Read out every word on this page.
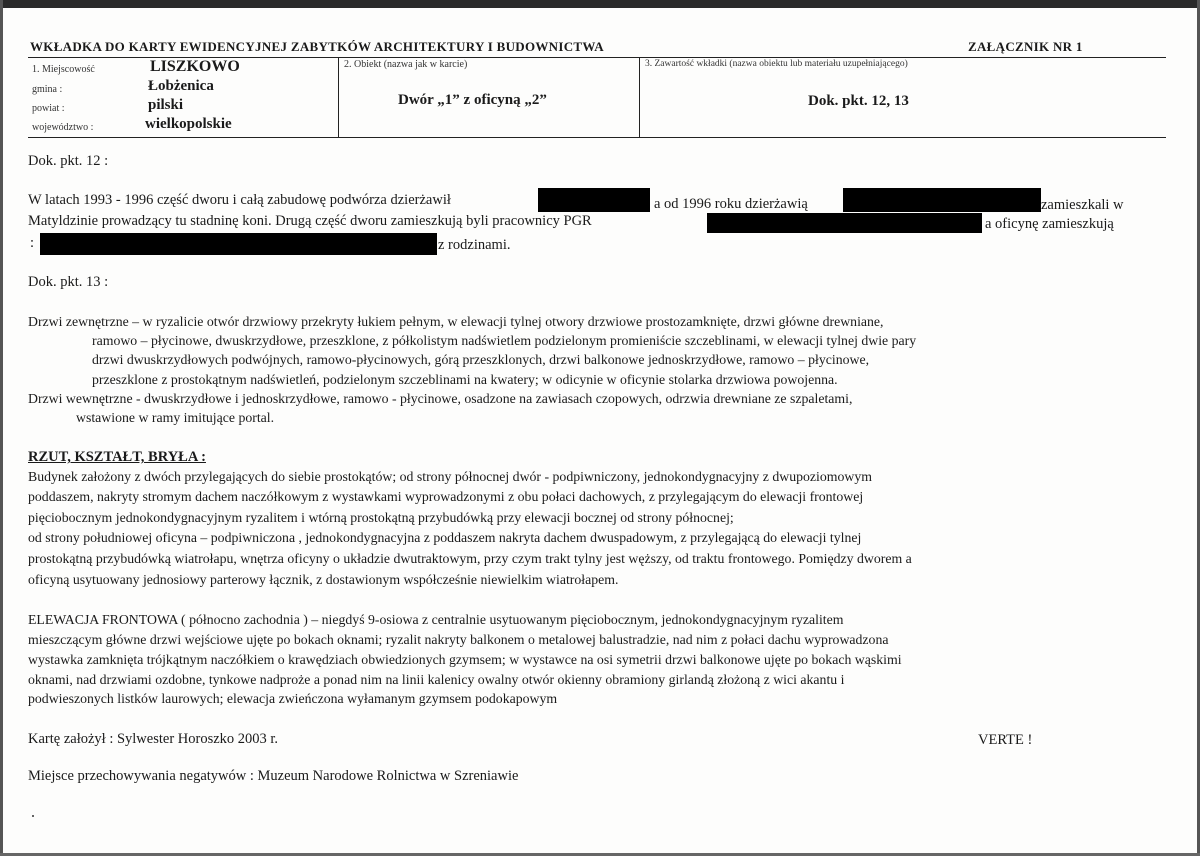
WKŁADKA DO KARTY EWIDENCYJNEJ ZABYTKÓW ARCHITEKTURY I BUDOWNICTWA	ZAŁĄCZNIK NR 1
1. Miejscowość	LISZKOWO
gmina :	Łobżenica
powiat :	pilski
województwo :	wielkopolskie
2. Obiekt (nazwa jak w karcie)
Dwór „1” z oficyną „2”
3. Zawartość wkładki (nazwa obiektu lub materiału uzupełniającego)
Dok. pkt. 12, 13
Dok. pkt. 12 :
W latach 1993 - 1996 część dworu i całą zabudowę podwórza dzierżawił	a od 1996 roku dzierżawią	zamieszkali w
Matyldzinie prowadzący tu stadninę koni. Drugą część dworu zamieszkują byli pracownicy PGR	a oficynę zamieszkują
:	z rodzinami.
Dok. pkt. 13 :
Drzwi zewnętrzne – w ryzalicie otwór drzwiowy przekryty łukiem pełnym, w elewacji tylnej otwory drzwiowe prostozamknięte, drzwi główne drewniane,
ramowo – płycinowe, dwuskrzydłowe, przeszklone, z półkolistym nadświetlem podzielonym promieniście szczeblinami, w elewacji tylnej dwie pary
drzwi dwuskrzydłowych podwójnych, ramowo-płycinowych, górą przeszklonych, drzwi balkonowe jednoskrzydłowe, ramowo – płycinowe,
przeszklone z prostokątnym nadświetleń, podzielonym szczeblinami na kwatery; w odicynie w oficynie stolarka drzwiowa powojenna.
Drzwi wewnętrzne - dwuskrzydłowe i jednoskrzydłowe, ramowo - płycinowe, osadzone na zawiasach czopowych, odrzwia drewniane ze szpaletami,
wstawione w ramy imitujące portal.
RZUT, KSZTAŁT, BRYŁA :
Budynek założony z dwóch przylegających do siebie prostokątów; od strony północnej dwór - podpiwniczony, jednokondygnacyjny z dwupoziomowym
poddaszem, nakryty stromym dachem naczółkowym z wystawkami wyprowadzonymi z obu połaci dachowych, z przylegającym do elewacji frontowej
pięciobocznym jednokondygnacyjnym ryzalitem i wtórną prostokątną przybudówką przy elewacji bocznej od strony północnej;
od strony południowej oficyna – podpiwniczona , jednokondygnacyjna z poddaszem nakryta dachem dwuspadowym, z przylegającą do elewacji tylnej
prostokątną przybudówką wiatrołapu, wnętrza oficyny o układzie dwutraktowym, przy czym trakt tylny jest węższy, od traktu frontowego. Pomiędzy dworem a
oficyną usytuowany jednosiowy parterowy łącznik, z dostawionym współcześnie niewielkim wiatrołapem.
ELEWACJA FRONTOWA ( północno zachodnia ) – niegdyś 9-osiowa z centralnie usytuowanym pięciobocznym, jednokondygnacyjnym ryzalitem
mieszczącym główne drzwi wejściowe ujęte po bokach oknami; ryzalit nakryty balkonem o metalowej balustradzie, nad nim z połaci dachu wyprowadzona
wystawka zamknięta trójkątnym naczółkiem o krawędziach obwiedzionych gzymsem; w wystawce na osi symetrii drzwi balkonowe ujęte po bokach wąskimi
oknami, nad drzwiami ozdobne, tynkowe nadproże a ponad nim na linii kalenicy owalny otwór okienny obramiony girlandą złożoną z wici akantu i
podwieszonych listków laurowych; elewacja zwieńczona wyłamanym gzymsem podokapowym
Kartę założył : Sylwester Horoszko 2003 r.	VERTE !
Miejsce przechowywania negatywów : Muzeum Narodowe Rolnictwa w Szreniawie
